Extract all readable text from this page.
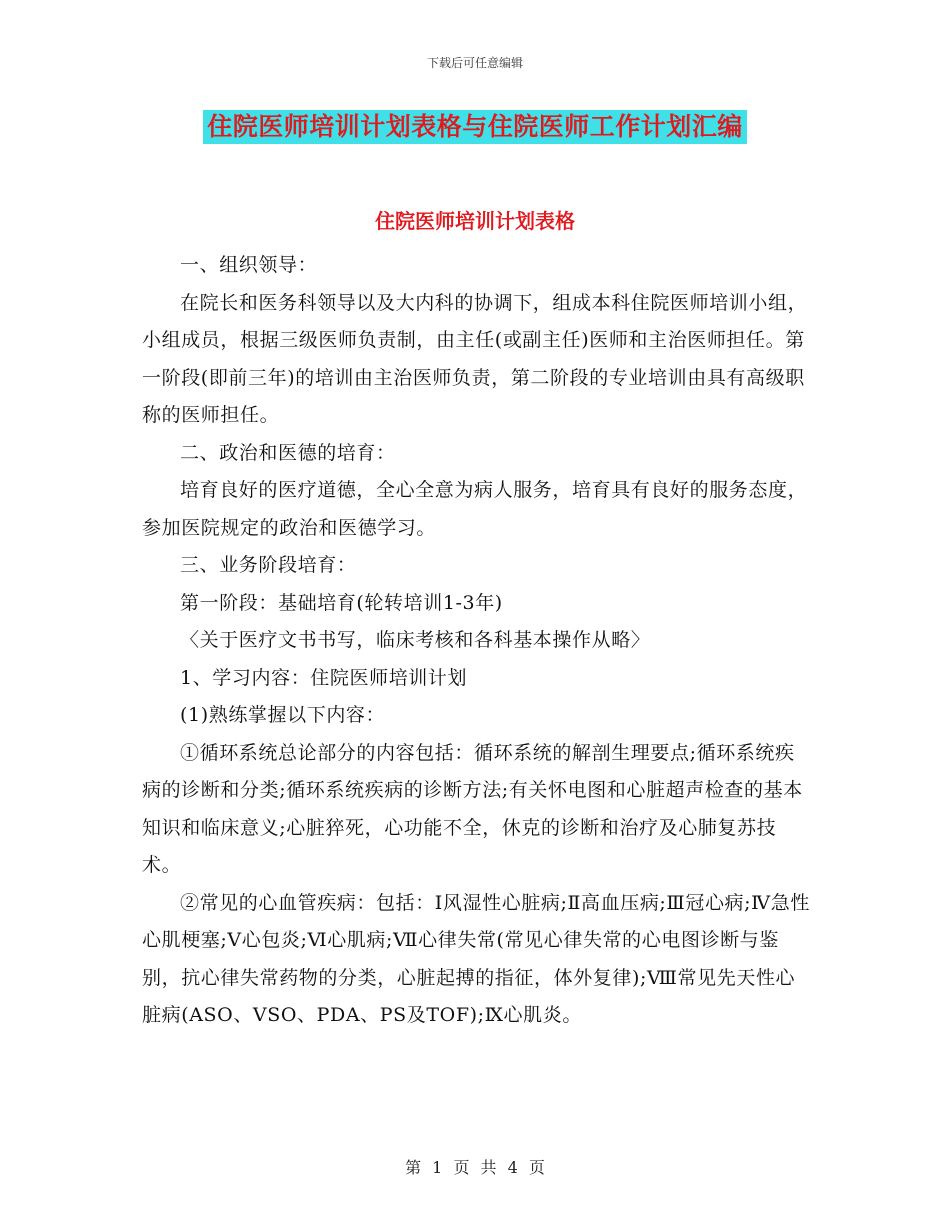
下载后可任意编辑
住院医师培训计划表格与住院医师工作计划汇编
住院医师培训计划表格

一、组织领导：

在院长和医务科领导以及大内科的协调下，组成本科住院医师培训小组，小组成员，根据三级医师负责制，由主任(或副主任)医师和主治医师担任。第一阶段(即前三年)的培训由主治医师负责，第二阶段的专业培训由具有高级职称的医师担任。

二、政治和医德的培育：

培育良好的医疗道德，全心全意为病人服务，培育具有良好的服务态度，参加医院规定的政治和医德学习。

三、业务阶段培育：

第一阶段：基础培育(轮转培训1-3年)

〈关于医疗文书书写，临床考核和各科基本操作从略〉

1、学习内容：住院医师培训计划

(1)熟练掌握以下内容：

①循环系统总论部分的内容包括：循环系统的解剖生理要点;循环系统疾病的诊断和分类;循环系统疾病的诊断方法;有关怀电图和心脏超声检查的基本知识和临床意义;心脏猝死，心功能不全，休克的诊断和治疗及心肺复苏技术。

②常见的心血管疾病：包括：Ⅰ风湿性心脏病;Ⅱ高血压病;Ⅲ冠心病;Ⅳ急性心肌梗塞;Ⅴ心包炎;Ⅵ心肌病;Ⅶ心律失常(常见心律失常的心电图诊断与鉴别，抗心律失常药物的分类，心脏起搏的指征，体外复律);Ⅷ常见先天性心脏病(ASO、VSO、PDA、PS及TOF);Ⅸ心肌炎。

第 1 页 共 4 页
